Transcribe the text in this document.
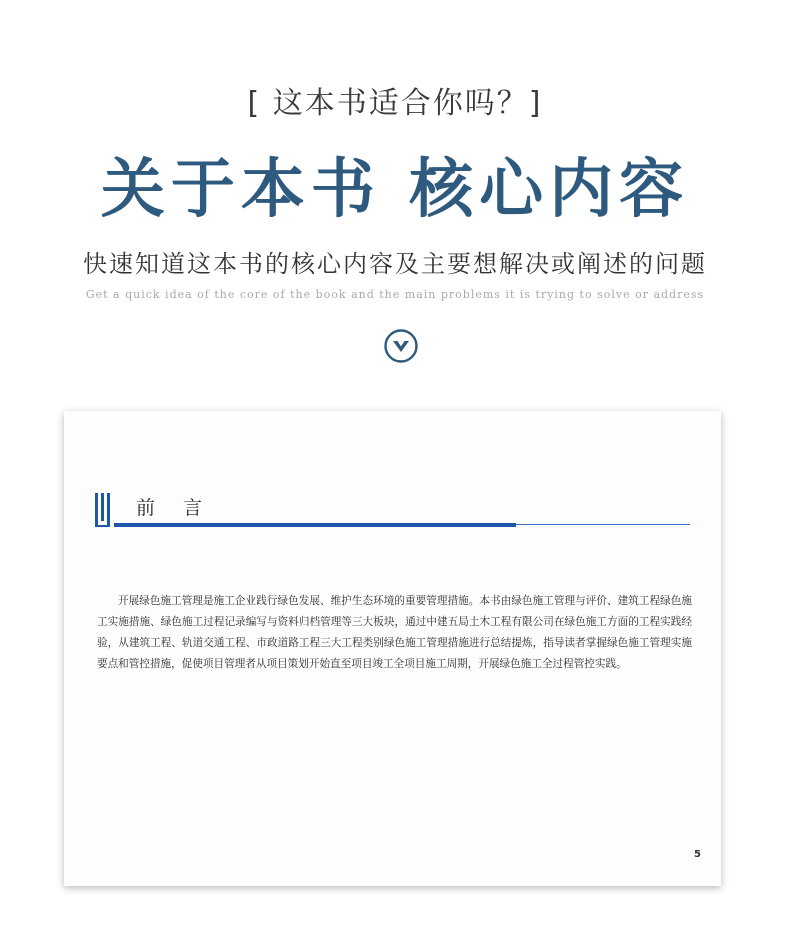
[ 这本书适合你吗？]
关于本书 核心内容
快速知道这本书的核心内容及主要想解决或阐述的问题
Get a quick idea of the core of the book and the main problems it is trying to solve or address
前言
开展绿色施工管理是施工企业践行绿色发展、维护生态环境的重要管理措施。本书由绿色施工管理与评价、建筑工程绿色施工实施措施、绿色施工过程记录编写与资料归档管理等三大板块，通过中建五局土木工程有限公司在绿色施工方面的工程实践经验，从建筑工程、轨道交通工程、市政道路工程三大工程类别绿色施工管理措施进行总结提炼，指导读者掌握绿色施工管理实施要点和管控措施，促使项目管理者从项目策划开始直至项目竣工全项目施工周期，开展绿色施工全过程管控实践。
5
